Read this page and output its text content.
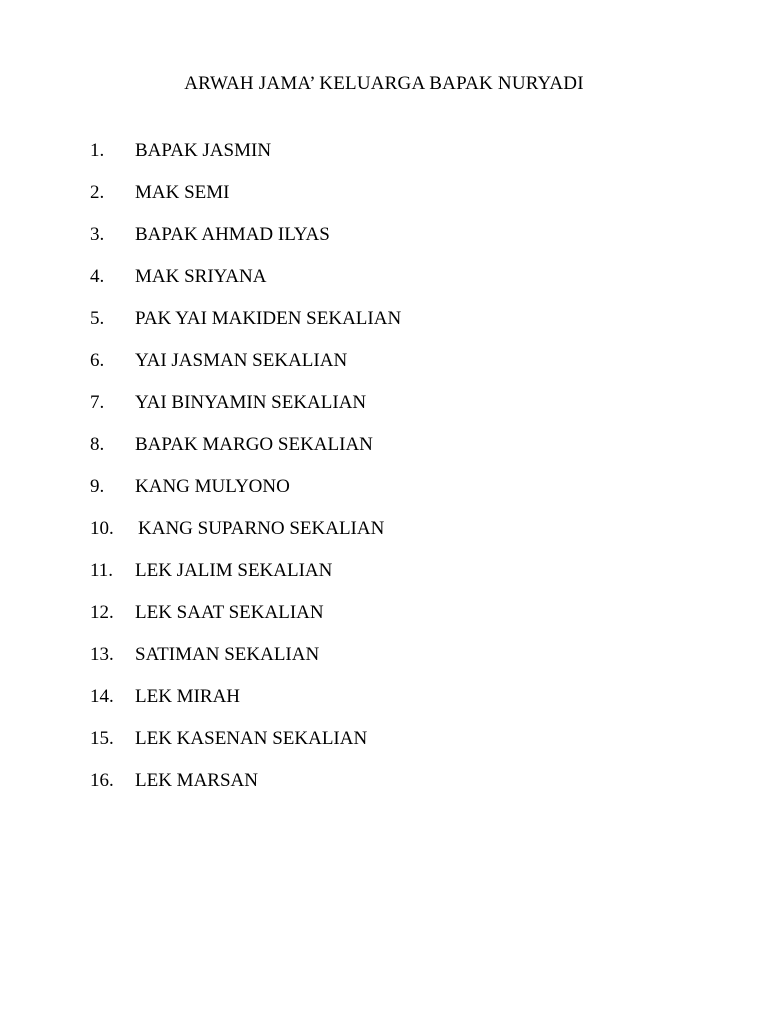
ARWAH JAMA’ KELUARGA BAPAK NURYADI
1. BAPAK JASMIN
2. MAK SEMI
3. BAPAK AHMAD ILYAS
4. MAK SRIYANA
5. PAK YAI MAKIDEN SEKALIAN
6. YAI JASMAN SEKALIAN
7. YAI BINYAMIN SEKALIAN
8. BAPAK MARGO SEKALIAN
9. KANG MULYONO
10. KANG SUPARNO SEKALIAN
11. LEK JALIM SEKALIAN
12. LEK SAAT SEKALIAN
13. SATIMAN SEKALIAN
14. LEK MIRAH
15. LEK KASENAN SEKALIAN
16. LEK MARSAN
